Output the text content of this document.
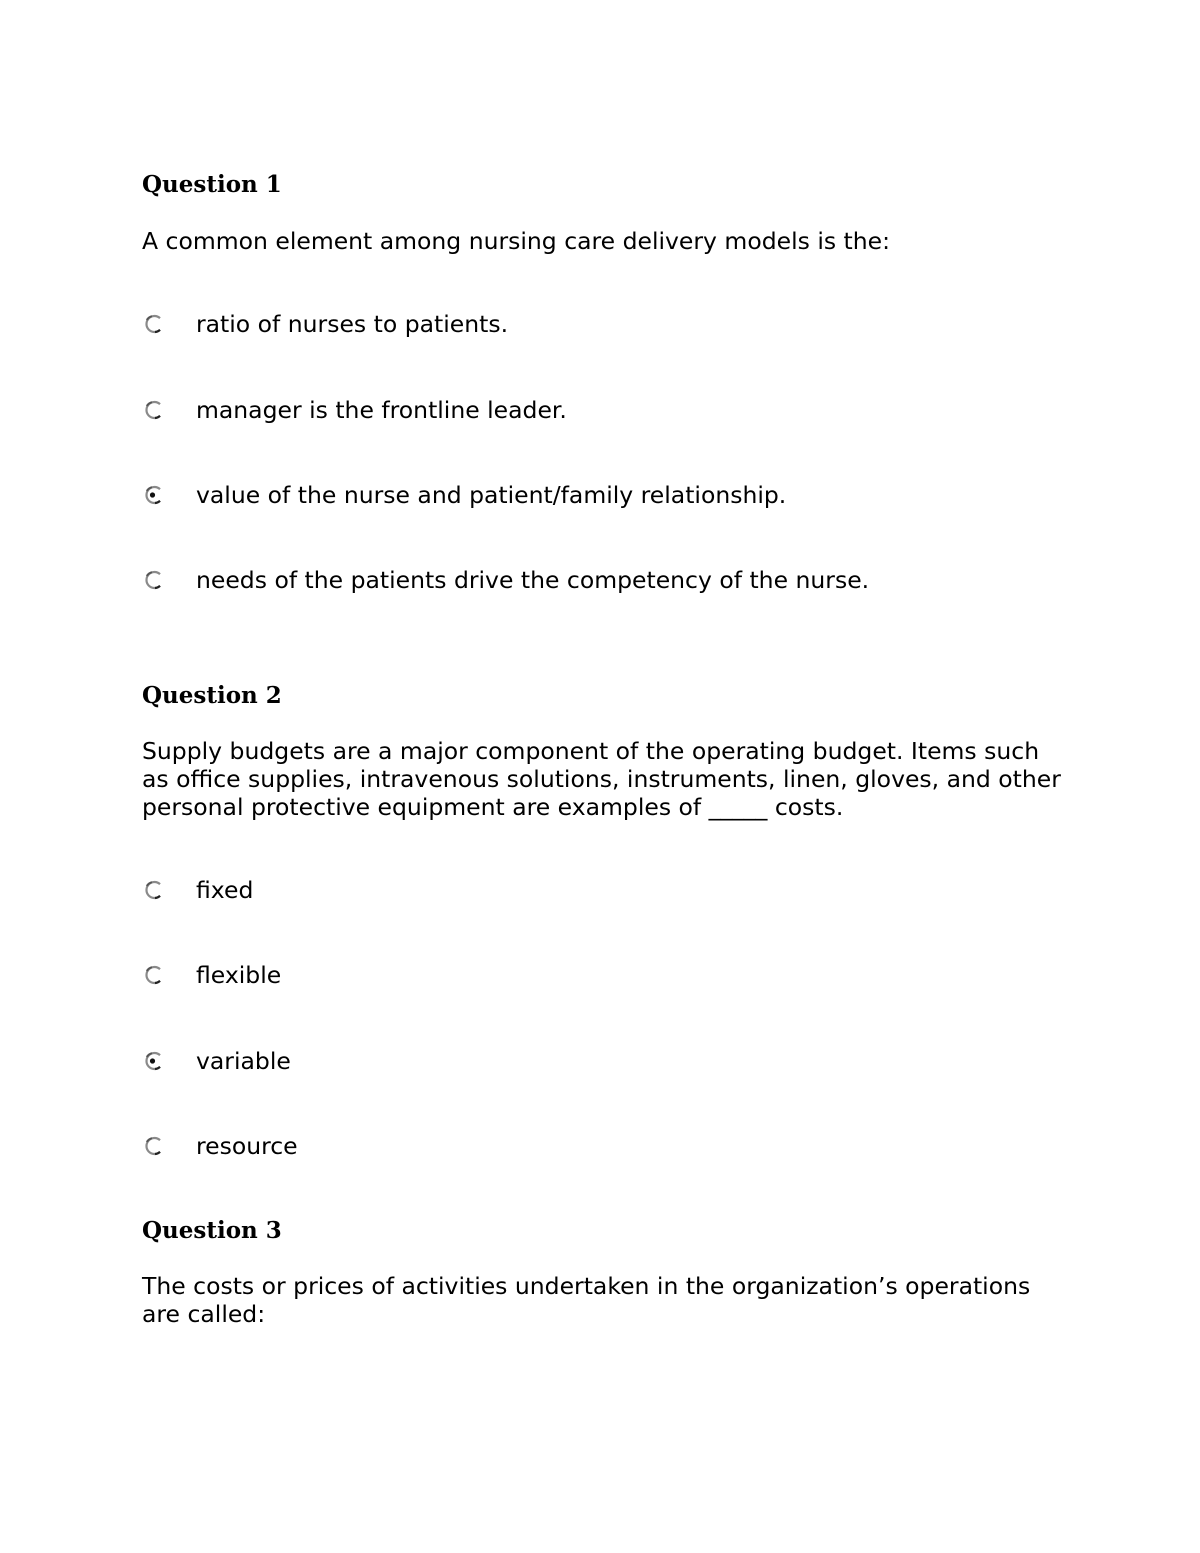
Question 1

A common element among nursing care delivery models is the:

ratio of nurses to patients.
manager is the frontline leader.
value of the nurse and patient/family relationship.
needs of the patients drive the competency of the nurse.
Question 2

Supply budgets are a major component of the operating budget. Items such as office supplies, intravenous solutions, instruments, linen, gloves, and other personal protective equipment are examples of _____ costs.

fixed
flexible
variable
resource
Question 3

The costs or prices of activities undertaken in the organization’s operations are called:
